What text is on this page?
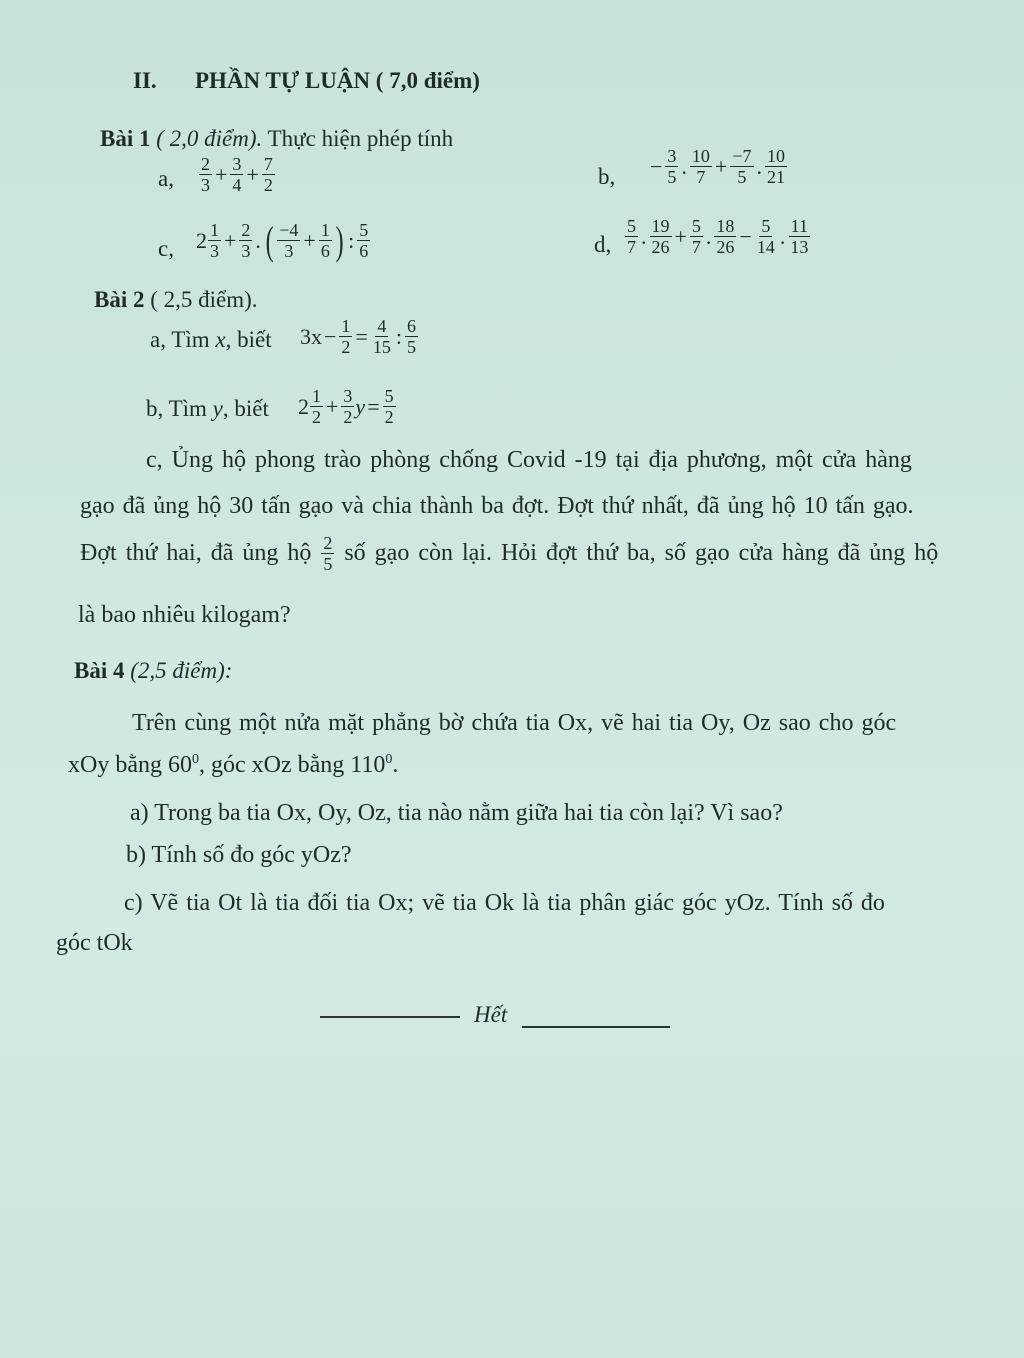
II. PHẦN TỰ LUẬN ( 7,0 điểm)
Bài 1 ( 2,0 điểm). Thực hiện phép tính
a, $\frac{2}{3} + \frac{3}{4} + \frac{7}{2}$	b, − $\frac{3}{5}$ . $\frac{10}{7} + \frac{-7}{5}$ . $\frac{10}{21}$
c, $2 \frac{1}{3} + \frac{2}{3}$ . ( $\frac{-4}{3} + \frac{1}{6}$ ) : $\frac{5}{6}$	d, $\frac{5}{7}$ . $\frac{19}{26} + \frac{5}{7}$ . $\frac{18}{26} - \frac{5}{14}$ . $\frac{11}{13}$
Bài 2 ( 2,5 điểm).
a, Tìm x, biết $3x - \frac{1}{2} = \frac{4}{15}$ : $\frac{6}{5}$
b, Tìm y, biết $2 \frac{1}{2} + \frac{3}{2}$ $y = \frac{5}{2}$
c, Ủng hộ phong trào phòng chống Covid -19 tại địa phương, một cửa hàng
gạo đã ủng hộ 30 tấn gạo và chia thành ba đợt. Đợt thứ nhất, đã ủng hộ 10 tấn gạo.
Đợt thứ hai, đã ủng hộ $\frac{2}{5}$ số gạo còn lại. Hỏi đợt thứ ba, số gạo cửa hàng đã ủng hộ
là bao nhiêu kilogam?
Bài 4 (2,5 điểm):
Trên cùng một nửa mặt phẳng bờ chứa tia Ox, vẽ hai tia Oy, Oz sao cho góc
xOy bằng $60^0$, góc xOz bằng $110^0$.
a) Trong ba tia Ox, Oy, Oz, tia nào nằm giữa hai tia còn lại? Vì sao?
b) Tính số đo góc yOz?
c) Vẽ tia Ot là tia đối tia Ox; vẽ tia Ok là tia phân giác góc yOz. Tính số đo
góc tOk
Hết
